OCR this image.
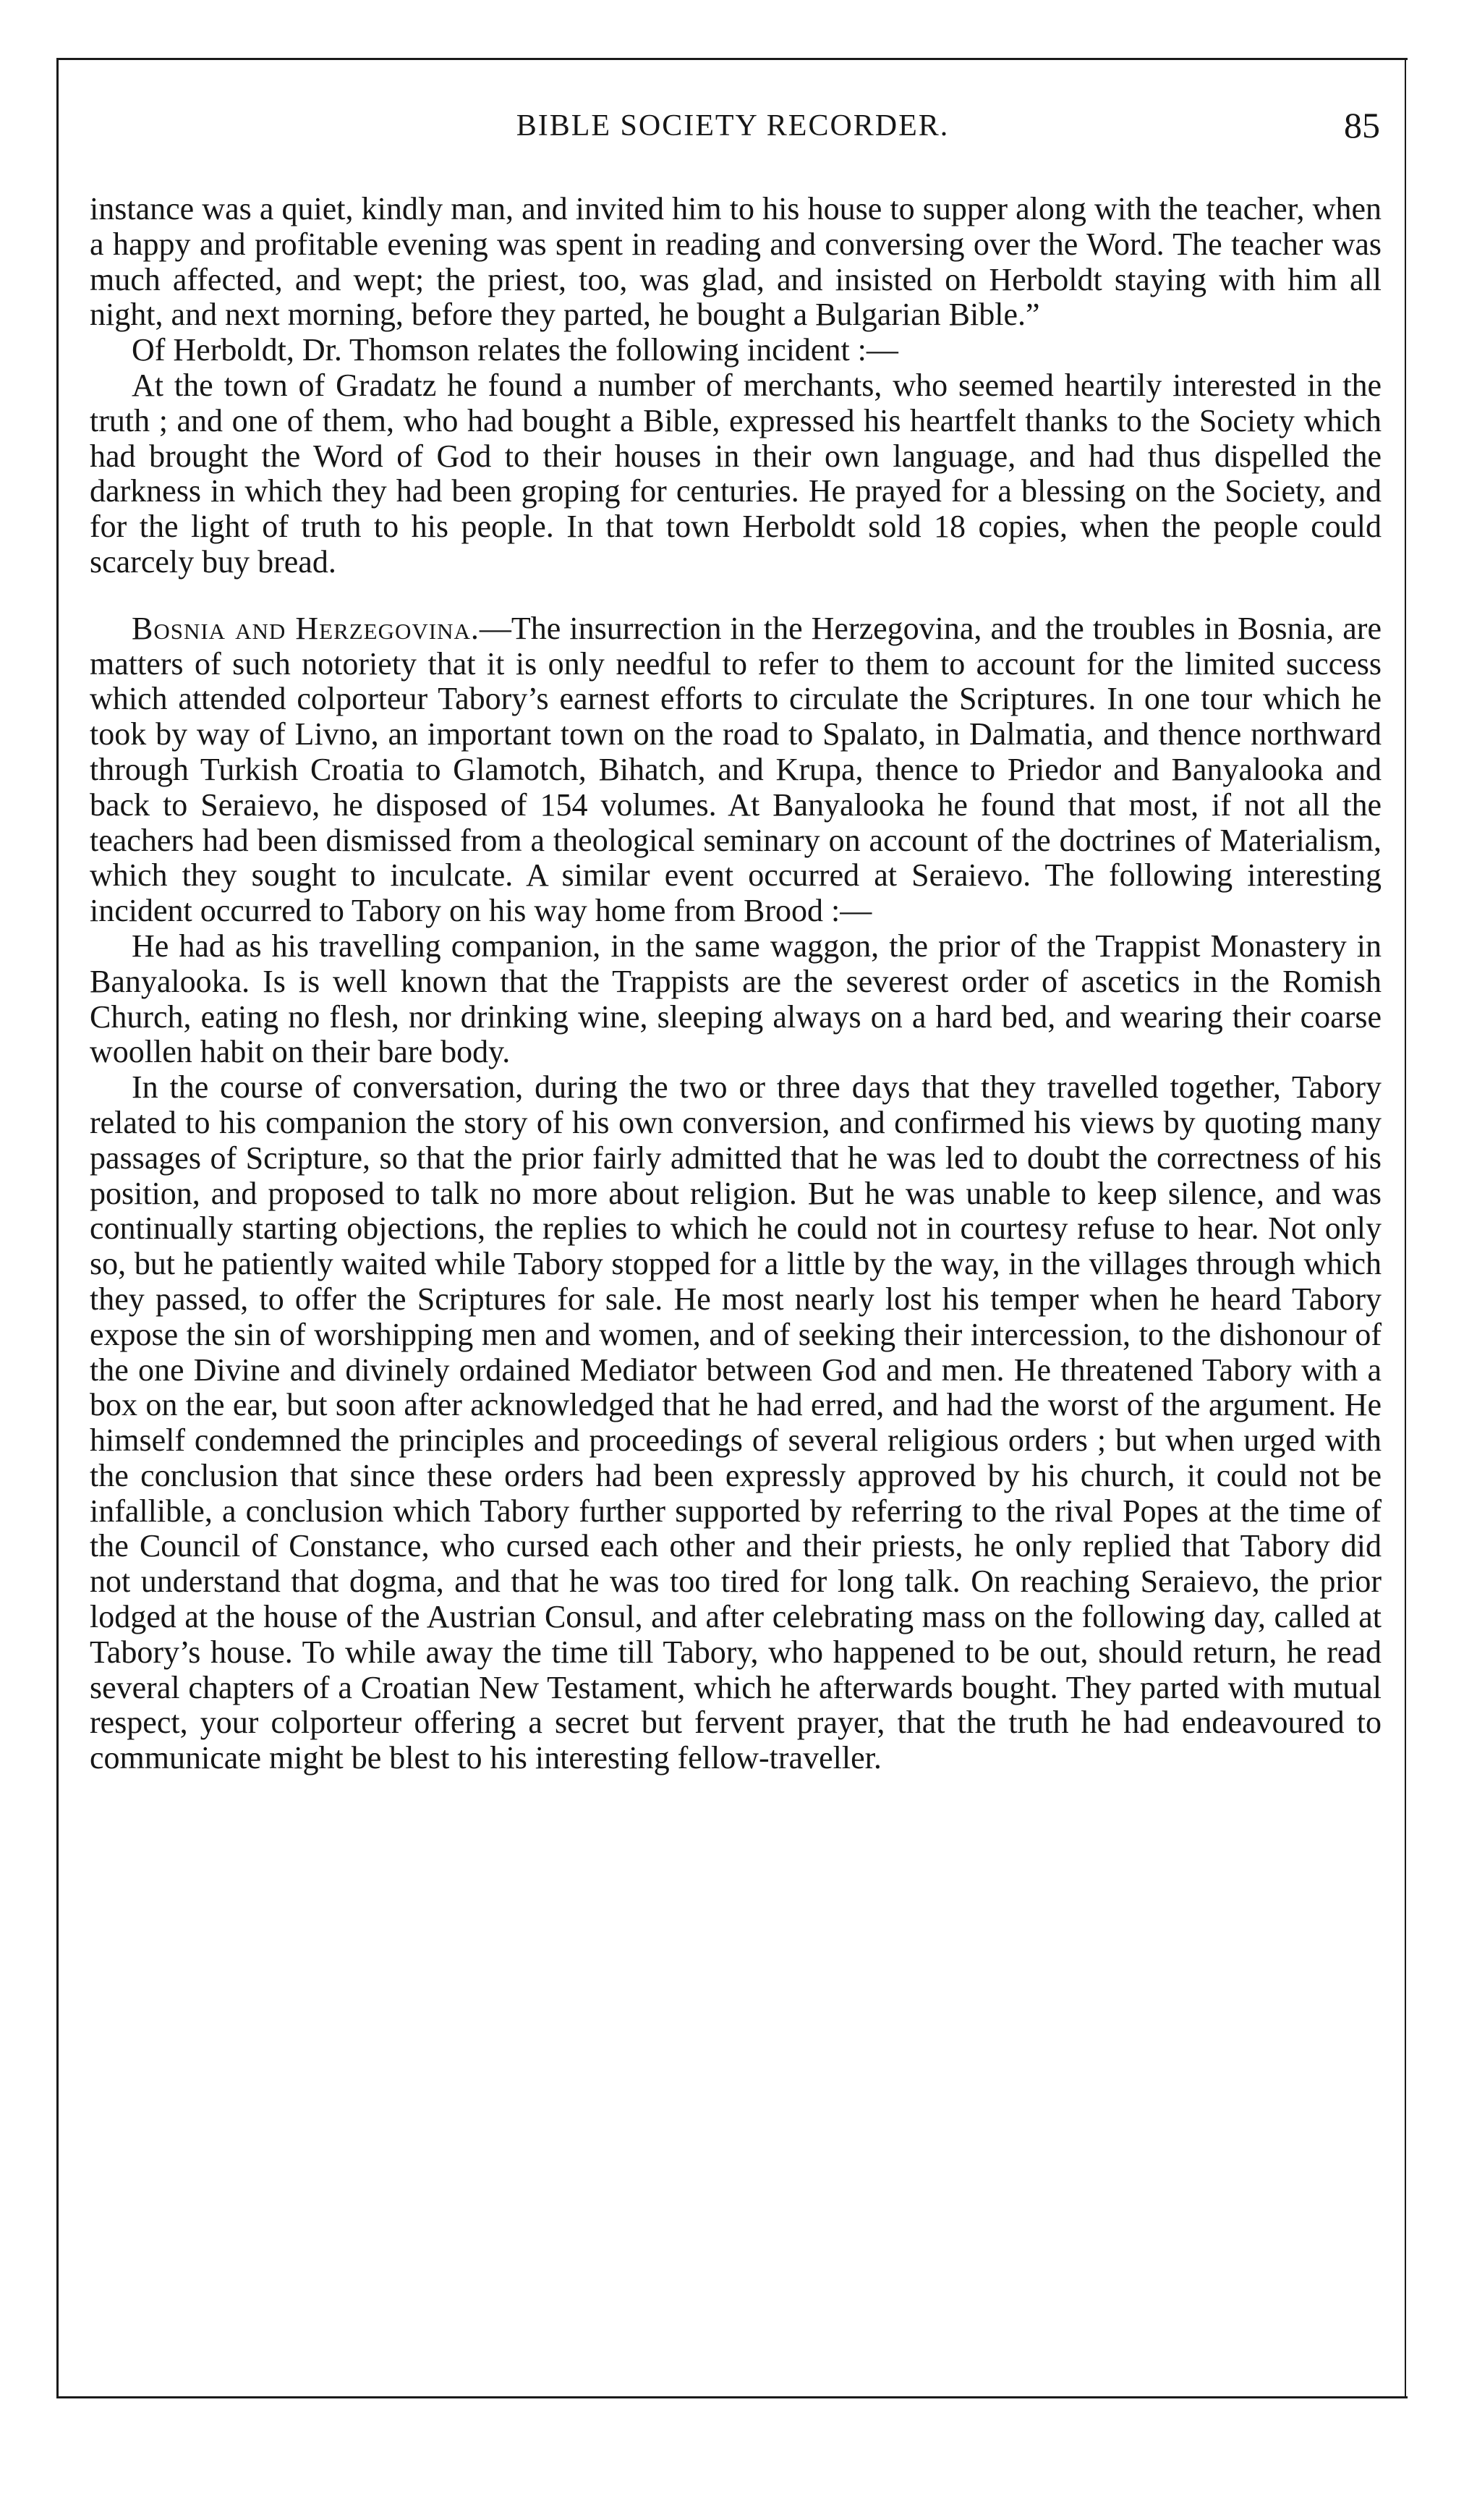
BIBLE SOCIETY RECORDER.	85

instance was a quiet, kindly man, and invited him to his house to supper along with the teacher, when a happy and profitable evening was spent in reading and conversing over the Word. The teacher was much affected, and wept; the priest, too, was glad, and insisted on Herboldt staying with him all night, and next morning, before they parted, he bought a Bulgarian Bible.”

Of Herboldt, Dr. Thomson relates the following incident :—

At the town of Gradatz he found a number of merchants, who seemed heartily interested in the truth ; and one of them, who had bought a Bible, expressed his heartfelt thanks to the Society which had brought the Word of God to their houses in their own language, and had thus dispelled the darkness in which they had been groping for centuries. He prayed for a blessing on the Society, and for the light of truth to his people. In that town Herboldt sold 18 copies, when the people could scarcely buy bread.

Bosnia and Herzegovina.—The insurrection in the Herzegovina, and the troubles in Bosnia, are matters of such notoriety that it is only needful to refer to them to account for the limited success which attended colporteur Tabory’s earnest efforts to circulate the Scriptures. In one tour which he took by way of Livno, an important town on the road to Spalato, in Dalmatia, and thence northward through Turkish Croatia to Glamotch, Bihatch, and Krupa, thence to Priedor and Banyalooka and back to Seraievo, he disposed of 154 volumes. At Banyalooka he found that most, if not all the teachers had been dismissed from a theological seminary on account of the doctrines of Materialism, which they sought to inculcate. A similar event occurred at Seraievo. The following interesting incident occurred to Tabory on his way home from Brood :—

He had as his travelling companion, in the same waggon, the prior of the Trappist Monastery in Banyalooka. Is is well known that the Trappists are the severest order of ascetics in the Romish Church, eating no flesh, nor drinking wine, sleeping always on a hard bed, and wearing their coarse woollen habit on their bare body.

In the course of conversation, during the two or three days that they travelled together, Tabory related to his companion the story of his own conversion, and confirmed his views by quoting many passages of Scripture, so that the prior fairly admitted that he was led to doubt the correctness of his position, and proposed to talk no more about religion. But he was unable to keep silence, and was continually starting objections, the replies to which he could not in courtesy refuse to hear. Not only so, but he patiently waited while Tabory stopped for a little by the way, in the villages through which they passed, to offer the Scriptures for sale. He most nearly lost his temper when he heard Tabory expose the sin of worshipping men and women, and of seeking their intercession, to the dishonour of the one Divine and divinely ordained Mediator between God and men. He threatened Tabory with a box on the ear, but soon after acknowledged that he had erred, and had the worst of the argument. He himself condemned the principles and proceedings of several religious orders ; but when urged with the conclusion that since these orders had been expressly approved by his church, it could not be infallible, a conclusion which Tabory further supported by referring to the rival Popes at the time of the Council of Constance, who cursed each other and their priests, he only replied that Tabory did not understand that dogma, and that he was too tired for long talk. On reaching Seraievo, the prior lodged at the house of the Austrian Consul, and after celebrating mass on the following day, called at Tabory’s house. To while away the time till Tabory, who happened to be out, should return, he read several chapters of a Croatian New Testament, which he afterwards bought. They parted with mutual respect, your colporteur offering a secret but fervent prayer, that the truth he had endeavoured to communicate might be blest to his interesting fellow-traveller.
